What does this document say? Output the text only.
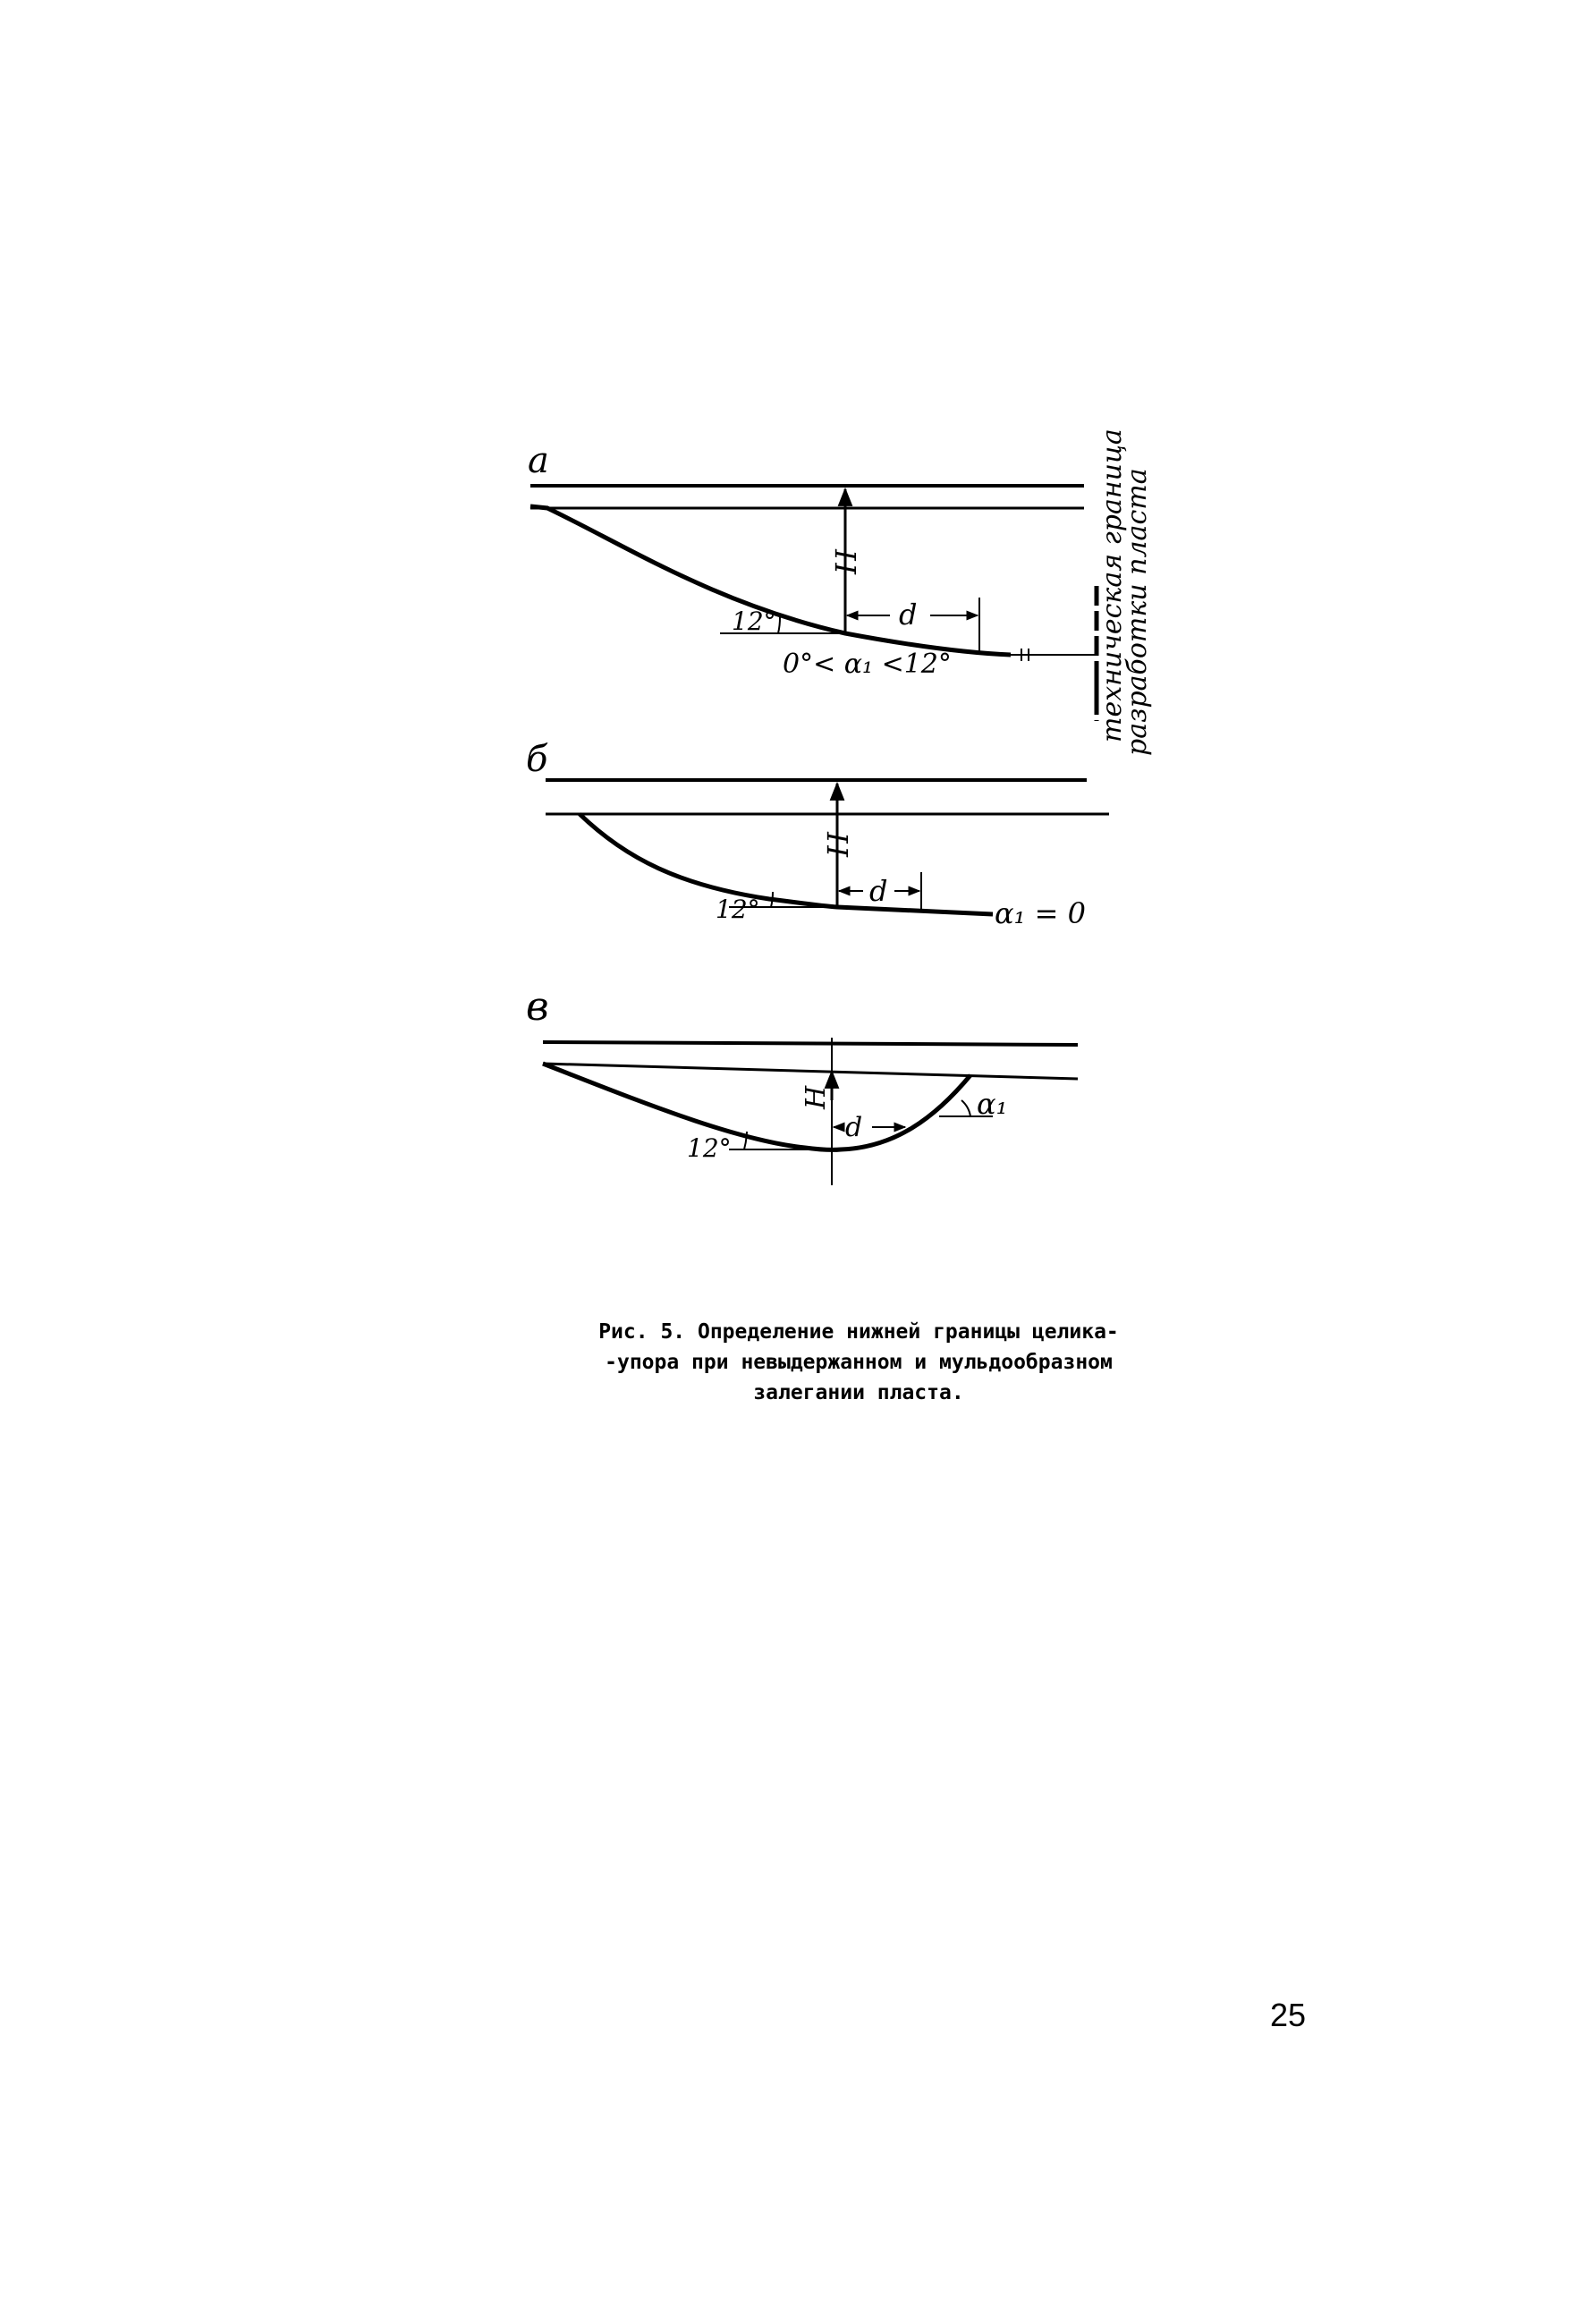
a
H
d
12°
0°< α₁ <12°	техническая граница
разработки пласта
б
H
d
12°	α₁ = 0
в
H
d
12°
α₁

Рис. 5. Определение нижней границы целика-
-упора при невыдержанном и мульдообразном
залегании пласта.

25
